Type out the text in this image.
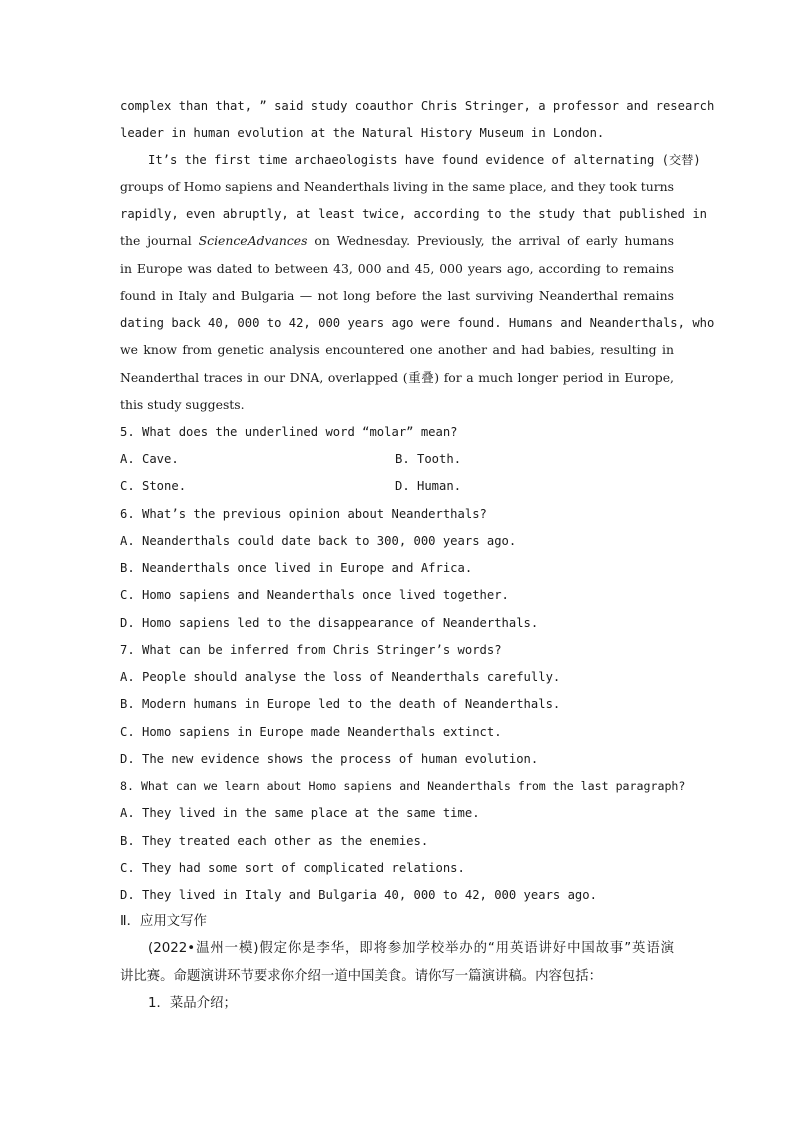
complex than that, ” said study coauthor Chris Stringer, a professor and research
leader in human evolution at the Natural History Museum in London.
It’s the first time archaeologists have found evidence of alternating (交替)
groups of Homo sapiens and Neanderthals living in the same place, and they took turns
rapidly, even abruptly, at least twice, according to the study that published in
the journal ScienceAdvances on Wednesday. Previously, the arrival of early humans
in Europe was dated to between 43, 000 and 45, 000 years ago, according to remains
found in Italy and Bulgaria — not long before the last surviving Neanderthal remains
dating back 40, 000 to 42, 000 years ago were found. Humans and Neanderthals, who
we know from genetic analysis encountered one another and had babies, resulting in
Neanderthal traces in our DNA, overlapped (重叠) for a much longer period in Europe,
this study suggests.
5. What does the underlined word “molar” mean?
A. Cave.	B. Tooth.
C. Stone.	D. Human.
6. What’s the previous opinion about Neanderthals?
A. Neanderthals could date back to 300, 000 years ago.
B. Neanderthals once lived in Europe and Africa.
C. Homo sapiens and Neanderthals once lived together.
D. Homo sapiens led to the disappearance of Neanderthals.
7. What can be inferred from Chris Stringer’s words?
A. People should analyse the loss of Neanderthals carefully.
B. Modern humans in Europe led to the death of Neanderthals.
C. Homo sapiens in Europe made Neanderthals extinct.
D. The new evidence shows the process of human evolution.
8. What can we learn about Homo sapiens and Neanderthals from the last paragraph?
A. They lived in the same place at the same time.
B. They treated each other as the enemies.
C. They had some sort of complicated relations.
D. They lived in Italy and Bulgaria 40, 000 to 42, 000 years ago.
Ⅱ．应用文写作
(2022•温州一模)假定你是李华，即将参加学校举办的“用英语讲好中国故事”英语演
讲比赛。命题演讲环节要求你介绍一道中国美食。请你写一篇演讲稿。内容包括：
1．菜品介绍；
